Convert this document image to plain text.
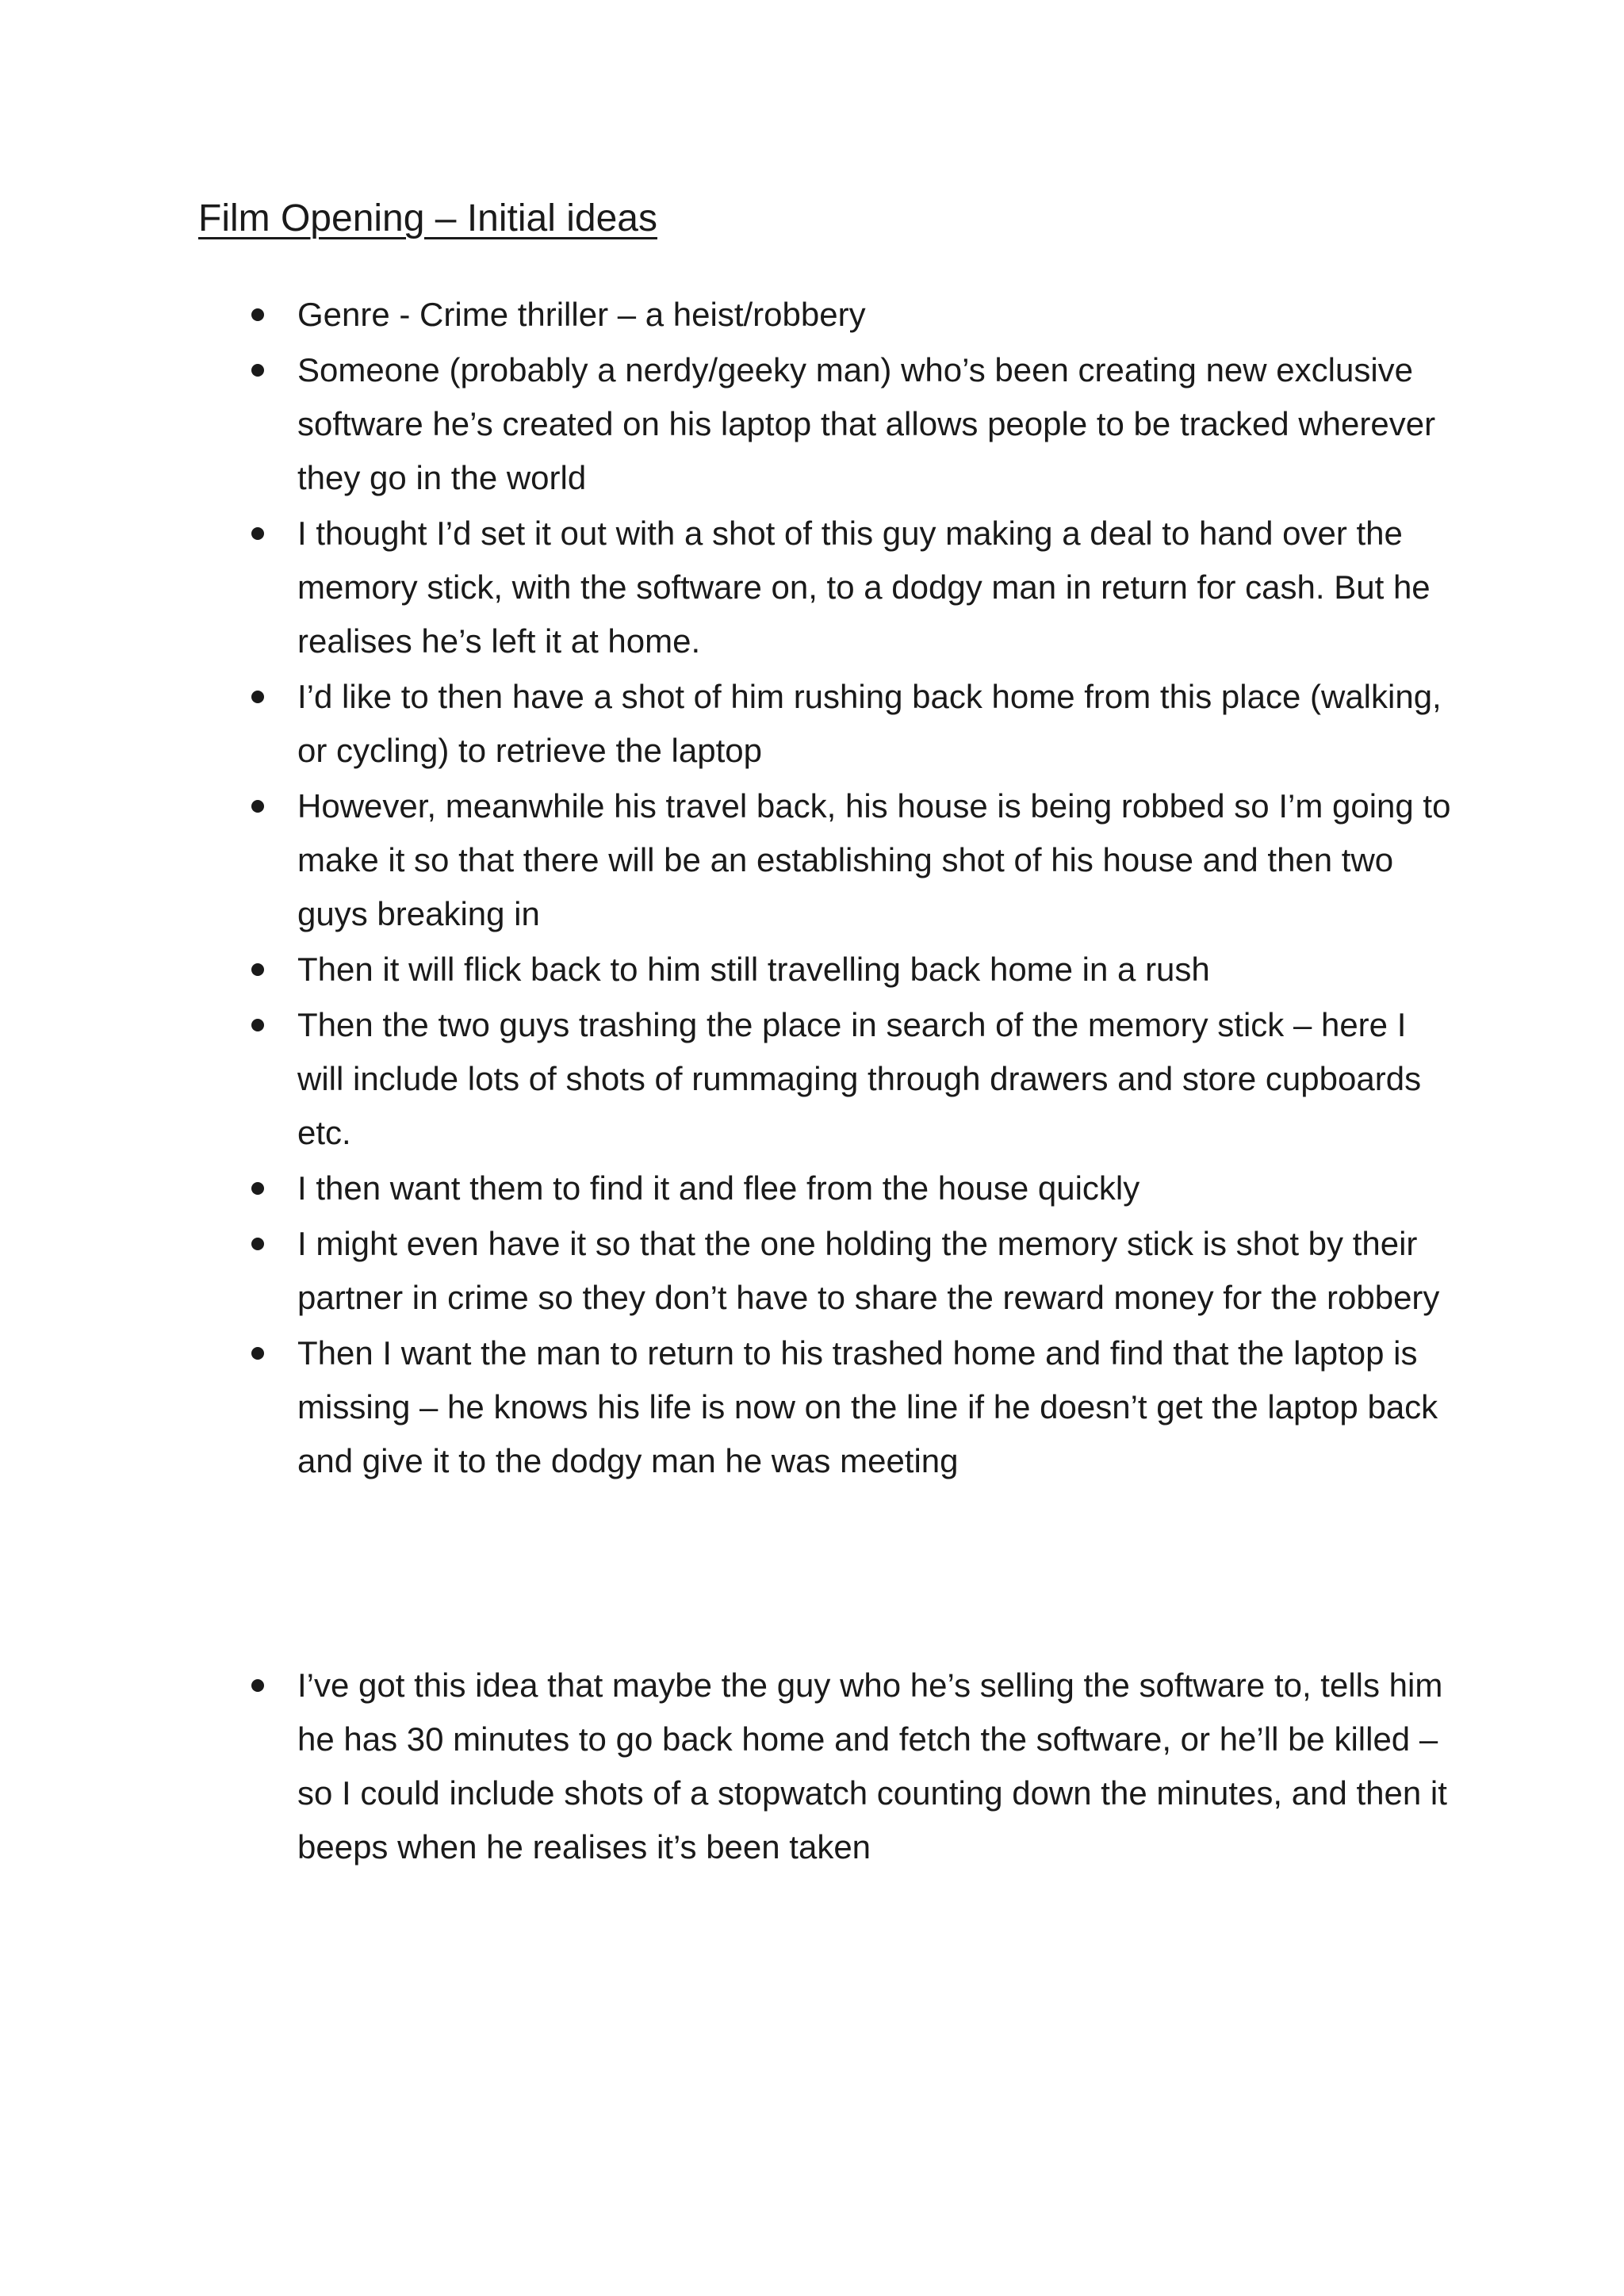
Film Opening – Initial ideas
Genre - Crime thriller – a heist/robbery
Someone (probably a nerdy/geeky man) who’s been creating new exclusive software he’s created on his laptop that allows people to be tracked wherever they go in the world
I thought I’d set it out with a shot of this guy making a deal to hand over the memory stick, with the software on, to a dodgy man in return for cash. But he realises he’s left it at home.
I’d like to then have a shot of him rushing back home from this place (walking, or cycling) to retrieve the laptop
However, meanwhile his travel back, his house is being robbed so I’m going to make it so that there will be an establishing shot of his house and then two guys breaking in
Then it will flick back to him still travelling back home in a rush
Then the two guys trashing the place in search of the memory stick – here I will include lots of shots of rummaging through drawers and store cupboards etc.
I then want them to find it and flee from the house quickly
I might even have it so that the one holding the memory stick is shot by their partner in crime so they don’t have to share the reward money for the robbery
Then I want the man to return to his trashed home and find that the laptop is missing – he knows his life is now on the line if he doesn’t get the laptop back and give it to the dodgy man he was meeting
I’ve got this idea that maybe the guy who he’s selling the software to, tells him he has 30 minutes to go back home and fetch the software, or he’ll be killed – so I could include shots of a stopwatch counting down the minutes, and then it beeps when he realises it’s been taken
